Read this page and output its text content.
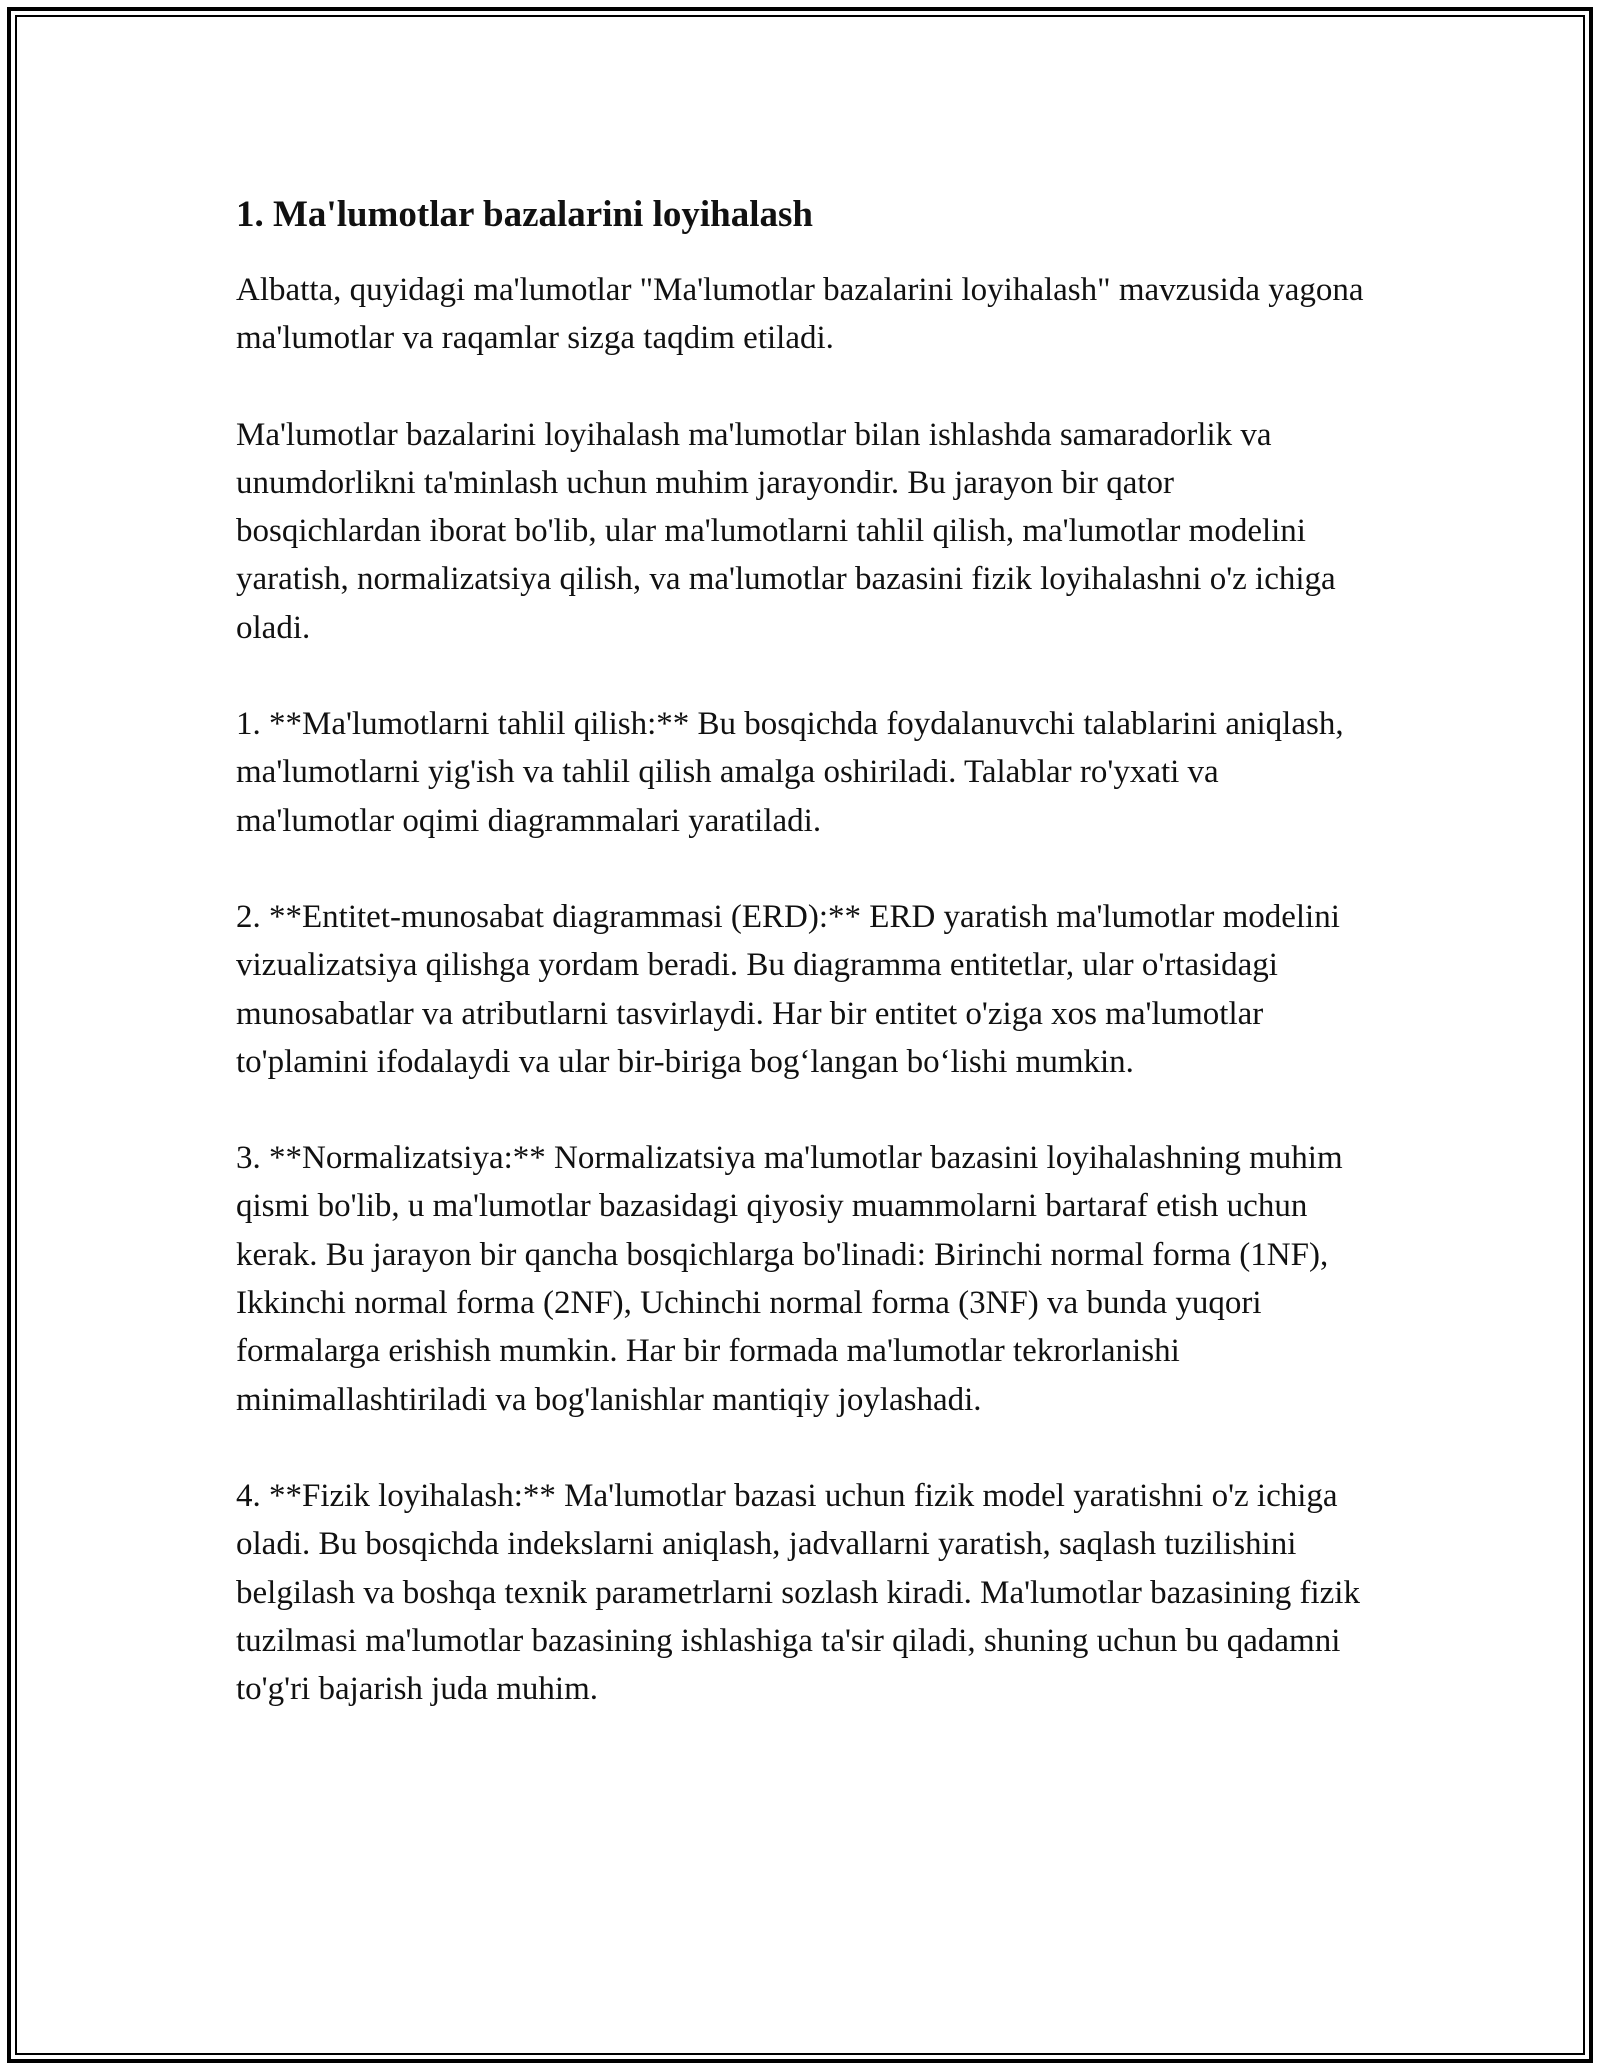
1. Ma'lumotlar bazalarini loyihalash

Albatta, quyidagi ma'lumotlar "Ma'lumotlar bazalarini loyihalash" mavzusida yagona ma'lumotlar va raqamlar sizga taqdim etiladi.

Ma'lumotlar bazalarini loyihalash ma'lumotlar bilan ishlashda samaradorlik va unumdorlikni ta'minlash uchun muhim jarayondir. Bu jarayon bir qator bosqichlardan iborat bo'lib, ular ma'lumotlarni tahlil qilish, ma'lumotlar modelini yaratish, normalizatsiya qilish, va ma'lumotlar bazasini fizik loyihalashni o'z ichiga oladi.

1. **Ma'lumotlarni tahlil qilish:** Bu bosqichda foydalanuvchi talablarini aniqlash, ma'lumotlarni yig'ish va tahlil qilish amalga oshiriladi. Talablar ro'yxati va ma'lumotlar oqimi diagrammalari yaratiladi.

2. **Entitet-munosabat diagrammasi (ERD):** ERD yaratish ma'lumotlar modelini vizualizatsiya qilishga yordam beradi. Bu diagramma entitetlar, ular o'rtasidagi munosabatlar va atributlarni tasvirlaydi. Har bir entitet o'ziga xos ma'lumotlar to'plamini ifodalaydi va ular bir-biriga bog‘langan bo‘lishi mumkin.

3. **Normalizatsiya:** Normalizatsiya ma'lumotlar bazasini loyihalashning muhim qismi bo'lib, u ma'lumotlar bazasidagi qiyosiy muammolarni bartaraf etish uchun kerak. Bu jarayon bir qancha bosqichlarga bo'linadi: Birinchi normal forma (1NF), Ikkinchi normal forma (2NF), Uchinchi normal forma (3NF) va bunda yuqori formalarga erishish mumkin. Har bir formada ma'lumotlar tekrorlanishi minimallashtiriladi va bog'lanishlar mantiqiy joylashadi.

4. **Fizik loyihalash:** Ma'lumotlar bazasi uchun fizik model yaratishni o'z ichiga oladi. Bu bosqichda indekslarni aniqlash, jadvallarni yaratish, saqlash tuzilishini belgilash va boshqa texnik parametrlarni sozlash kiradi. Ma'lumotlar bazasining fizik tuzilmasi ma'lumotlar bazasining ishlashiga ta'sir qiladi, shuning uchun bu qadamni to'g'ri bajarish juda muhim.
